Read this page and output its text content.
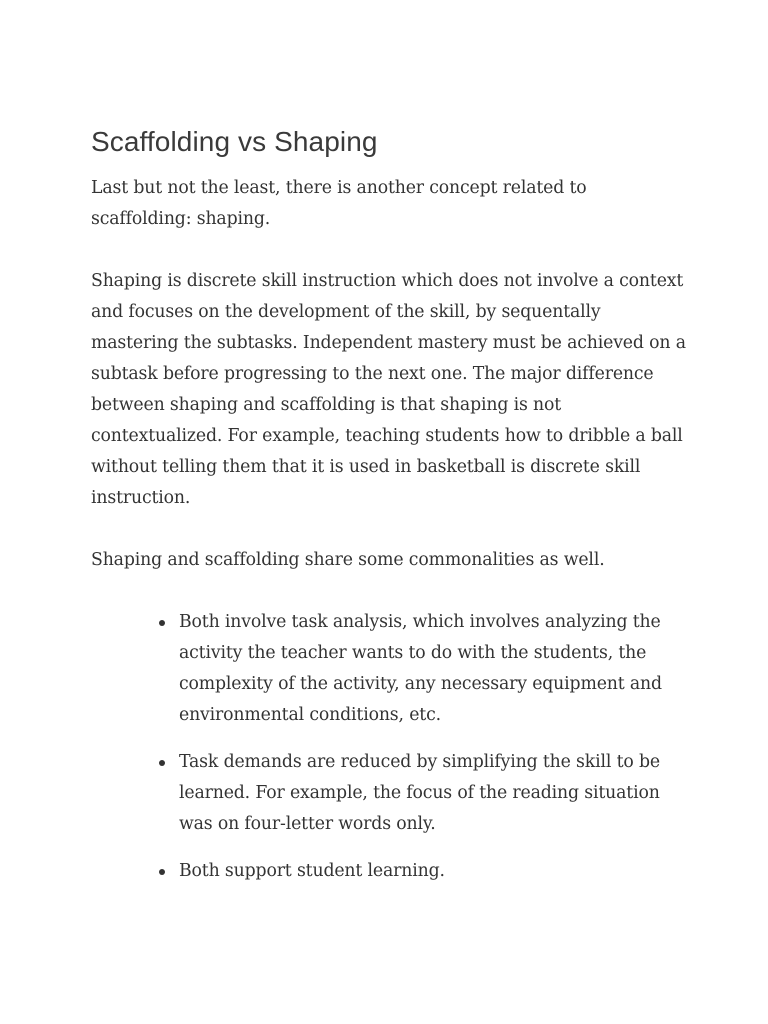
Scaffolding vs Shaping

Last but not the least, there is another concept related to scaffolding: shaping.

Shaping is discrete skill instruction which does not involve a context and focuses on the development of the skill, by sequentally mastering the subtasks. Independent mastery must be achieved on a subtask before progressing to the next one. The major difference between shaping and scaffolding is that shaping is not contextualized. For example, teaching students how to dribble a ball without telling them that it is used in basketball is discrete skill instruction.

Shaping and scaffolding share some commonalities as well.

Both involve task analysis, which involves analyzing the activity the teacher wants to do with the students, the complexity of the activity, any necessary equipment and environmental conditions, etc.
Task demands are reduced by simplifying the skill to be learned. For example, the focus of the reading situation was on four-letter words only.
Both support student learning.
